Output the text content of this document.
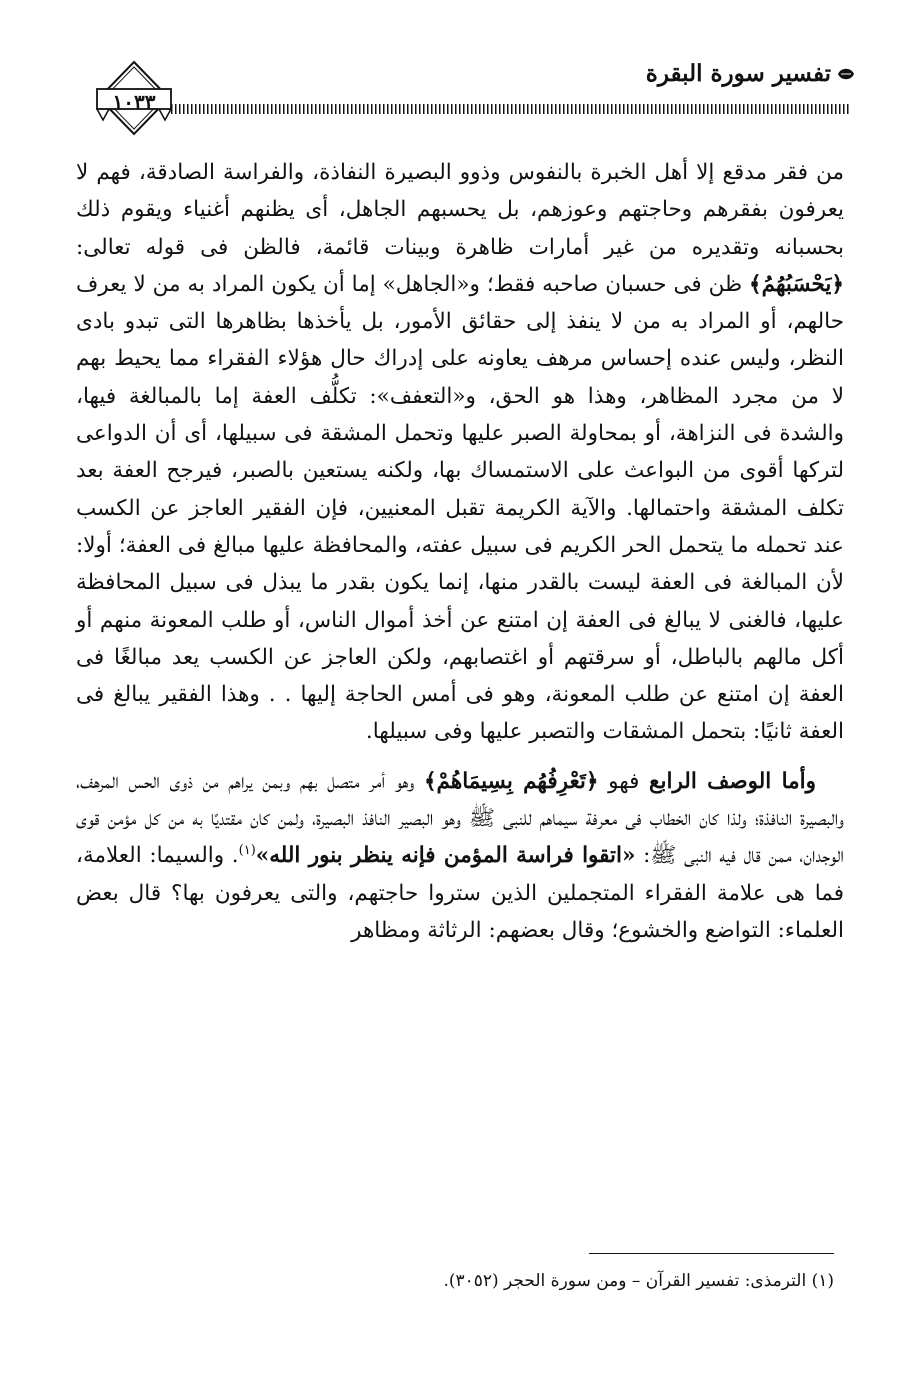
١٠٣٣
تفسير سورة البقرة

من فقر مدقع إلا أهل الخبرة بالنفوس وذوو البصيرة النفاذة، والفراسة الصادقة، فهم لا يعرفون بفقرهم وحاجتهم وعوزهم، بل يحسبهم الجاهل، أى يظنهم أغنياء ويقوم ذلك بحسبانه وتقديره من غير أمارات ظاهرة وبينات قائمة، فالظن فى قوله تعالى: ﴿يَحْسَبُهُمُ﴾ ظن فى حسبان صاحبه فقط؛ و«الجاهل» إما أن يكون المراد به من لا يعرف حالهم، أو المراد به من لا ينفذ إلى حقائق الأمور، بل يأخذها بظاهرها التى تبدو بادى النظر، وليس عنده إحساس مرهف يعاونه على إدراك حال هؤلاء الفقراء مما يحيط بهم لا من مجرد المظاهر، وهذا هو الحق، و«التعفف»: تكلُّف العفة إما بالمبالغة فيها، والشدة فى النزاهة، أو بمحاولة الصبر عليها وتحمل المشقة فى سبيلها، أى أن الدواعى لتركها أقوى من البواعث على الاستمساك بها، ولكنه يستعين بالصبر، فيرجح العفة بعد تكلف المشقة واحتمالها. والآية الكريمة تقبل المعنيين، فإن الفقير العاجز عن الكسب عند تحمله ما يتحمل الحر الكريم فى سبيل عفته، والمحافظة عليها مبالغ فى العفة؛ أولا: لأن المبالغة فى العفة ليست بالقدر منها، إنما يكون بقدر ما يبذل فى سبيل المحافظة عليها، فالغنى لا يبالغ فى العفة إن امتنع عن أخذ أموال الناس، أو طلب المعونة منهم أو أكل مالهم بالباطل، أو سرقتهم أو اغتصابهم، ولكن العاجز عن الكسب يعد مبالغًا فى العفة إن امتنع عن طلب المعونة، وهو فى أمس الحاجة إليها . . وهذا الفقير يبالغ فى العفة ثانيًا: بتحمل المشقات والتصبر عليها وفى سبيلها.

وأما الوصف الرابع فهو ﴿تَعْرِفُهُم بِسِيمَاهُمْ﴾ وهو أمر متصل بهم وبمن يراهم من ذوى الحس المرهف، والبصيرة النافذة؛ ولذا كان الخطاب فى معرفة سيماهم للنبى ﷺ وهو البصير النافذ البصيرة، ولمن كان مقتديًا به من كل مؤمن قوى الوجدان، ممن قال فيه النبى ﷺ: «اتقوا فراسة المؤمن فإنه ينظر بنور الله»$^{(١)}$. والسيما: العلامة، فما هى علامة الفقراء المتجملين الذين ستروا حاجتهم، والتى يعرفون بها؟ قال بعض العلماء: التواضع والخشوع؛ وقال بعضهم: الرثاثة ومظاهر

(١) الترمذى: تفسير القرآن – ومن سورة الحجر (٣٠٥٢).
